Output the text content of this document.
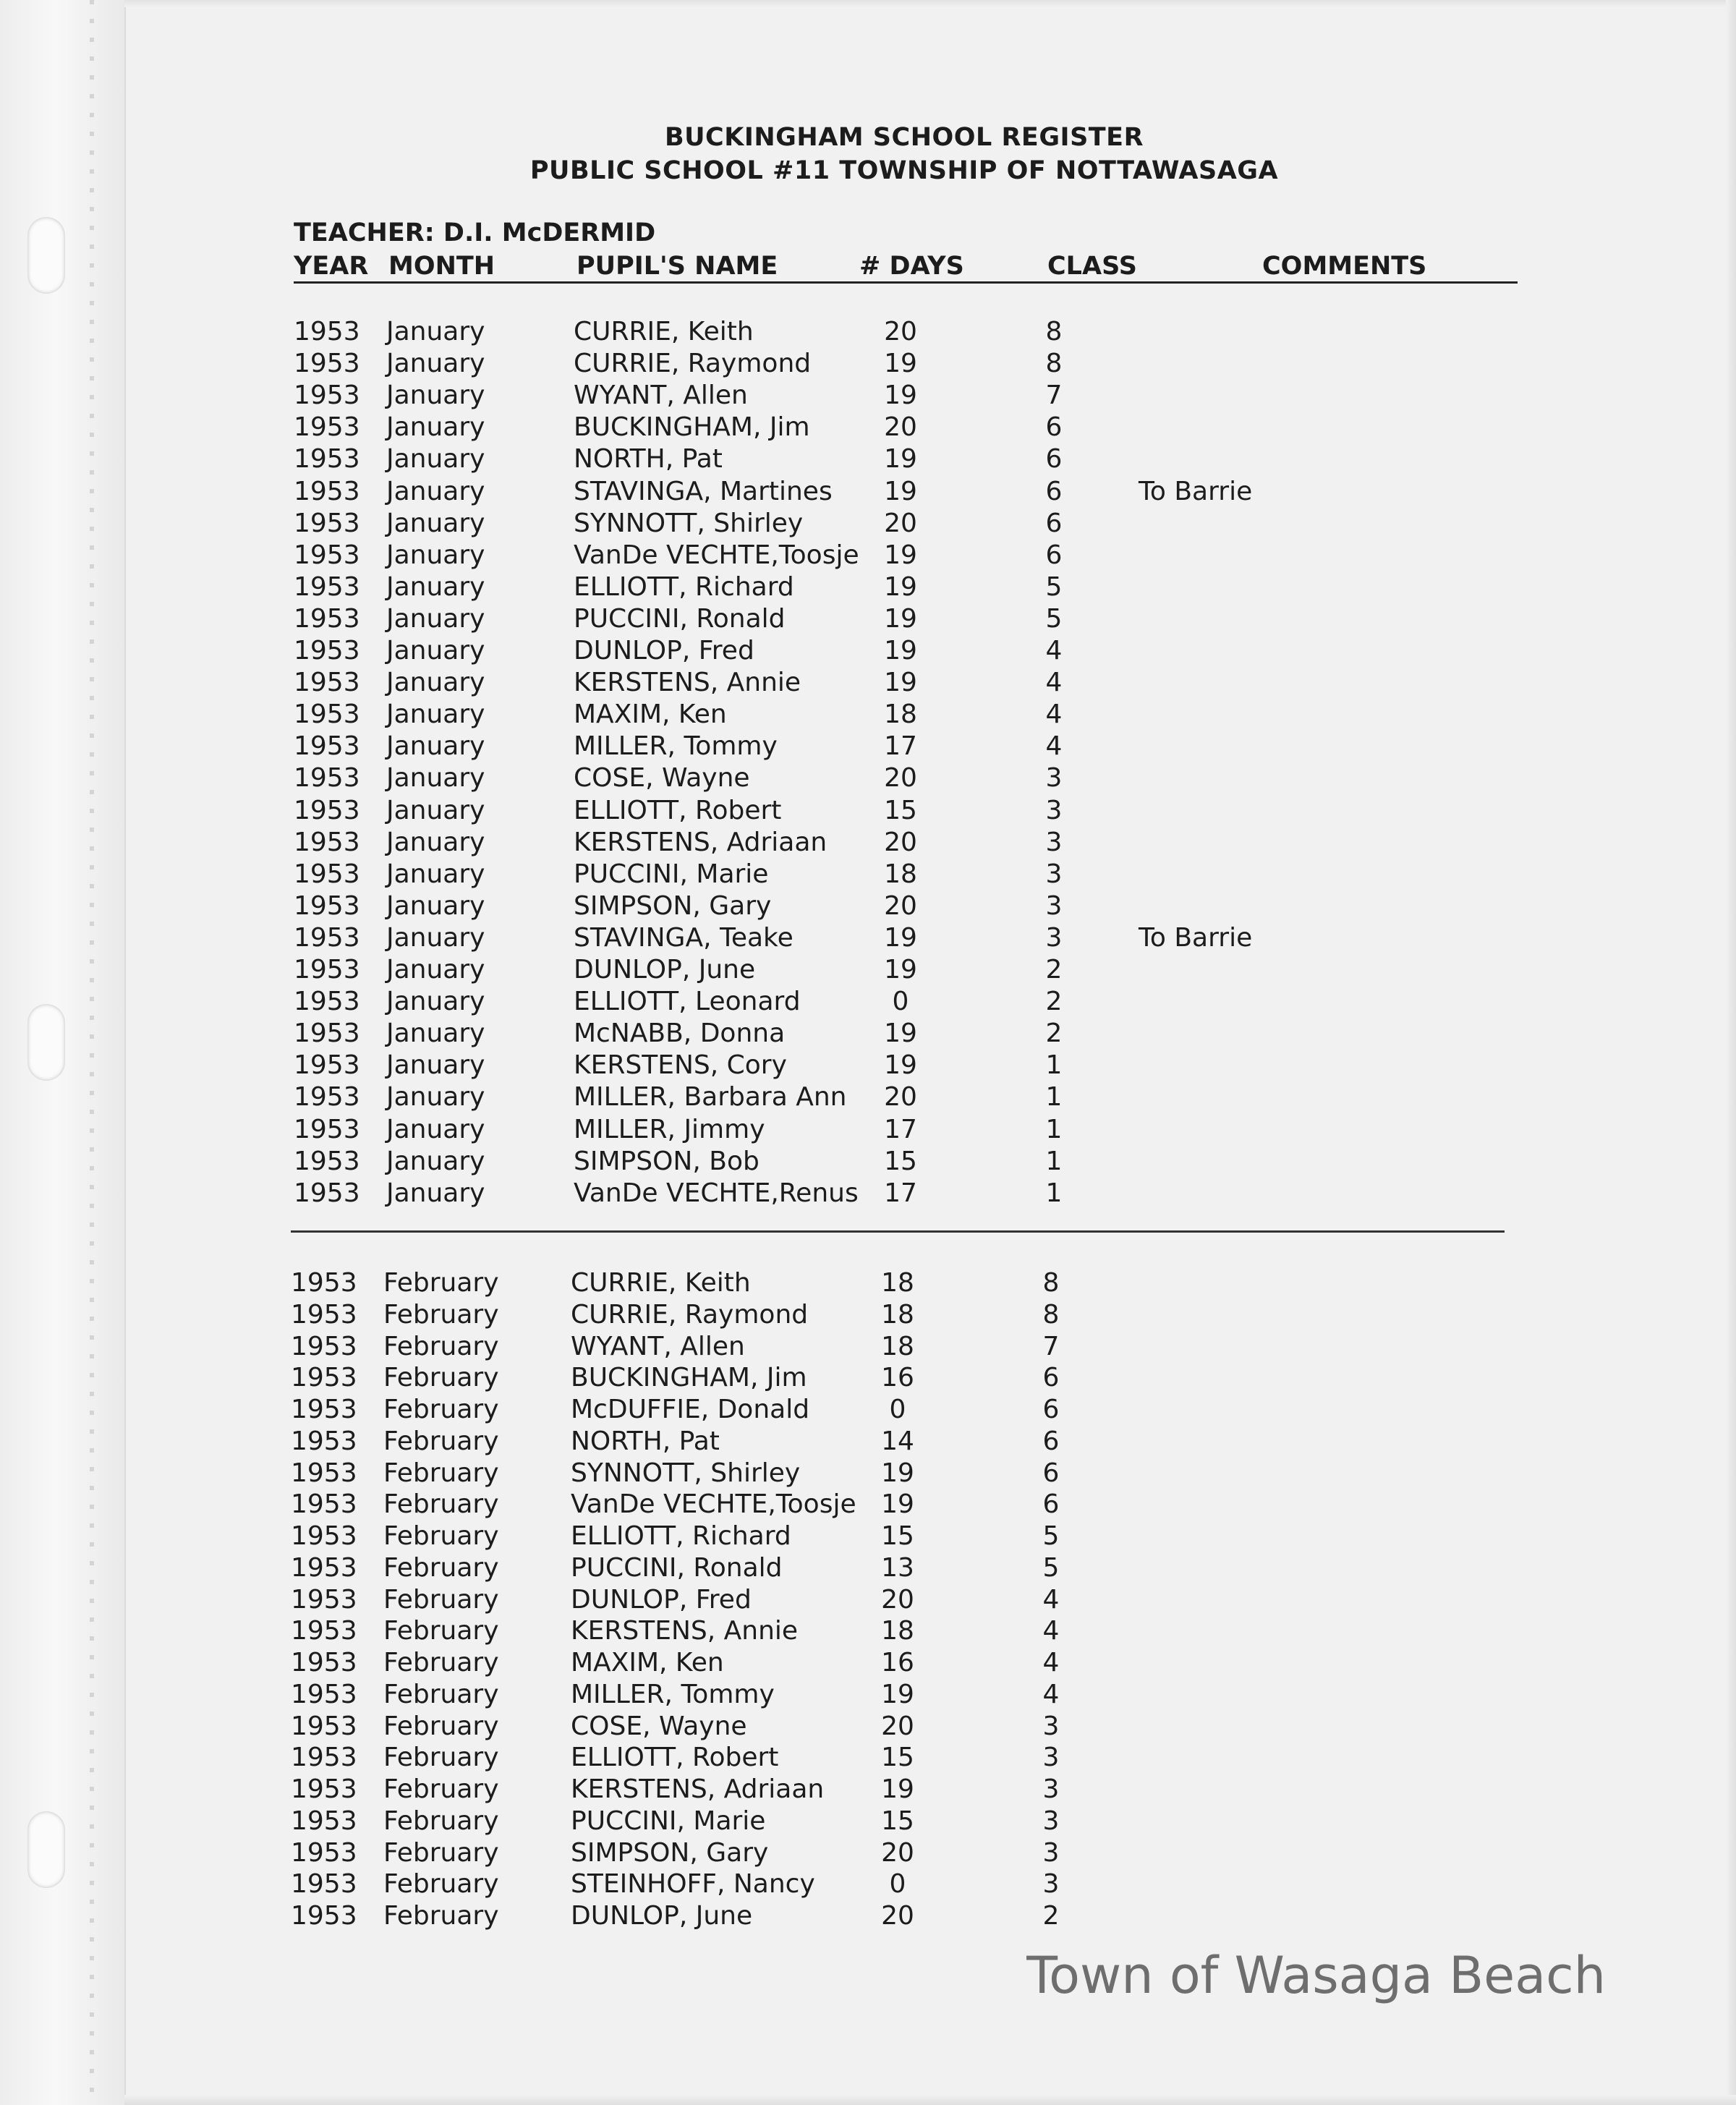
BUCKINGHAM SCHOOL REGISTER
PUBLIC SCHOOL #11 TOWNSHIP OF NOTTAWASAGA
TEACHER: D.I. McDERMID
YEAR MONTH	PUPIL'S NAME	# DAYS	CLASS	COMMENTS
1953 January	CURRIE, Keith	20	8
1953 January	CURRIE, Raymond	19	8
1953 January	WYANT, Allen	19	7
1953 January	BUCKINGHAM, Jim	20	6
1953 January	NORTH, Pat	19	6
1953 January	STAVINGA, Martines 19	6	To Barrie
1953 January	SYNNOTT, Shirley	20	6
1953 January	VanDe VECHTE,Toosje 19	6
1953 January	ELLIOTT, Richard	19	5
1953 January	PUCCINI, Ronald	19	5
1953 January	DUNLOP, Fred	19	4
1953 January	KERSTENS, Annie	19	4
1953 January	MAXIM, Ken	18	4
1953 January	MILLER, Tommy	17	4
1953 January	COSE, Wayne	20	3
1953 January	ELLIOTT, Robert	15	3
1953 January	KERSTENS, Adriaan 20	3
1953 January	PUCCINI, Marie	18	3
1953 January	SIMPSON, Gary	20	3
1953 January	STAVINGA, Teake	19	3	To Barrie
1953 January	DUNLOP, June	19	2
1953 January	ELLIOTT, Leonard	0	2
1953 January	McNABB, Donna	19	2
1953 January	KERSTENS, Cory	19	1
1953 January	MILLER, Barbara Ann 20	1
1953 January	MILLER, Jimmy	17	1
1953 January	SIMPSON, Bob	15	1
1953 January	VanDe VECHTE,Renus 17	1
1953 February	CURRIE, Keith	18	8
1953 February	CURRIE, Raymond	18	8
1953 February	WYANT, Allen	18	7
1953 February	BUCKINGHAM, Jim	16	6
1953 February	McDUFFIE, Donald	0	6
1953 February	NORTH, Pat	14	6
1953 February	SYNNOTT, Shirley	19	6
1953 February	VanDe VECHTE,Toosje 19	6
1953 February	ELLIOTT, Richard	15	5
1953 February	PUCCINI, Ronald	13	5
1953 February	DUNLOP, Fred	20	4
1953 February	KERSTENS, Annie	18	4
1953 February	MAXIM, Ken	16	4
1953 February	MILLER, Tommy	19	4
1953 February	COSE, Wayne	20	3
1953 February	ELLIOTT, Robert	15	3
1953 February	KERSTENS, Adriaan 19	3
1953 February	PUCCINI, Marie	15	3
1953 February	SIMPSON, Gary	20	3
1953 February	STEINHOFF, Nancy	0	3
1953 February	DUNLOP, June	20	2
Town of Wasaga Beach
